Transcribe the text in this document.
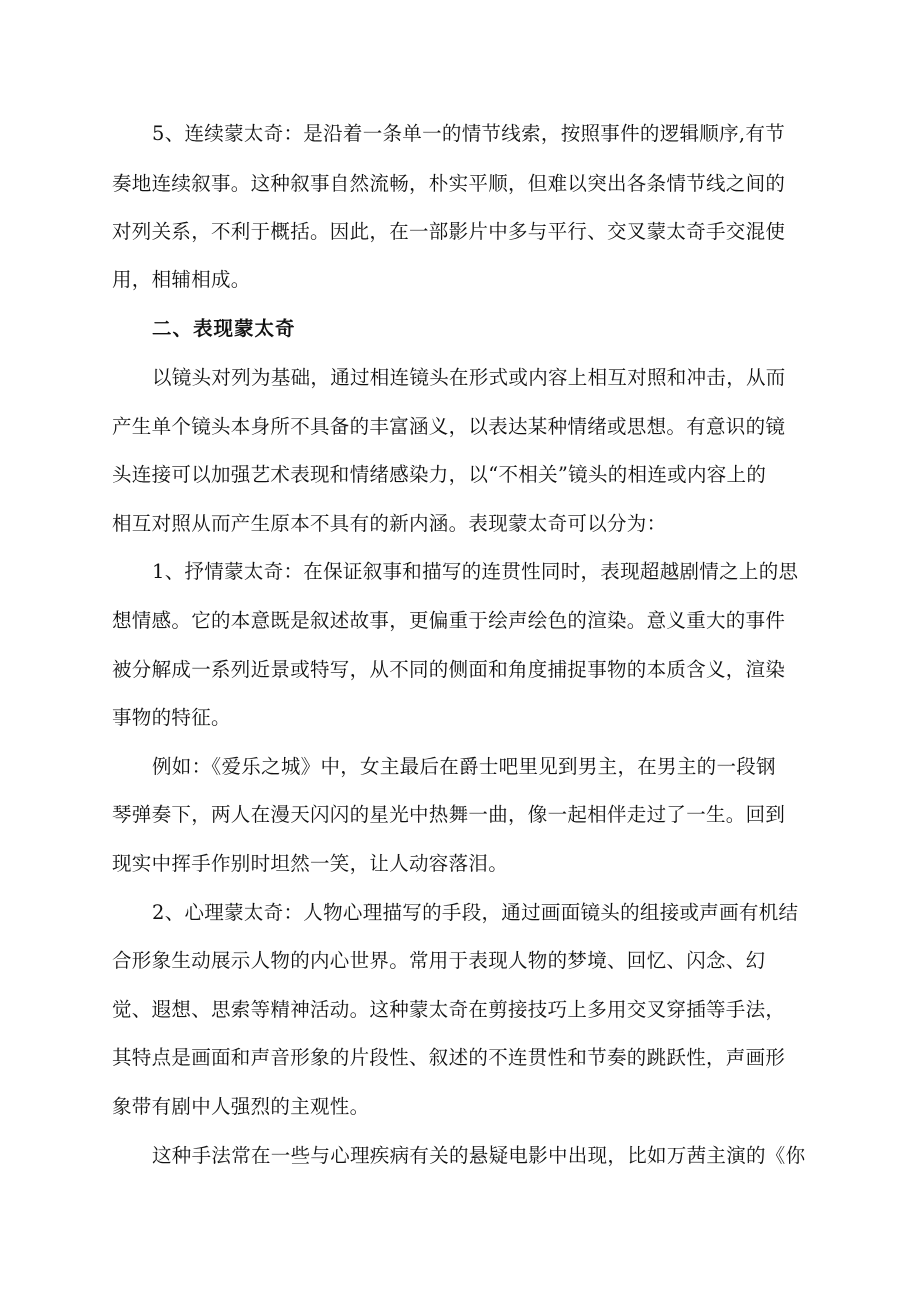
5、连续蒙太奇：是沿着一条单一的情节线索，按照事件的逻辑顺序,有节
奏地连续叙事。这种叙事自然流畅，朴实平顺，但难以突出各条情节线之间的
对列关系，不利于概括。因此，在一部影片中多与平行、交叉蒙太奇手交混使
用，相辅相成。
二、表现蒙太奇
以镜头对列为基础，通过相连镜头在形式或内容上相互对照和冲击，从而
产生单个镜头本身所不具备的丰富涵义，以表达某种情绪或思想。有意识的镜
头连接可以加强艺术表现和情绪感染力，以“不相关”镜头的相连或内容上的
相互对照从而产生原本不具有的新内涵。表现蒙太奇可以分为：
1、抒情蒙太奇：在保证叙事和描写的连贯性同时，表现超越剧情之上的思
想情感。它的本意既是叙述故事，更偏重于绘声绘色的渲染。意义重大的事件
被分解成一系列近景或特写，从不同的侧面和角度捕捉事物的本质含义，渲染
事物的特征。
例如：《爱乐之城》中，女主最后在爵士吧里见到男主，在男主的一段钢
琴弹奏下，两人在漫天闪闪的星光中热舞一曲，像一起相伴走过了一生。回到
现实中挥手作别时坦然一笑，让人动容落泪。
2、心理蒙太奇：人物心理描写的手段，通过画面镜头的组接或声画有机结
合形象生动展示人物的内心世界。常用于表现人物的梦境、回忆、闪念、幻
觉、遐想、思索等精神活动。这种蒙太奇在剪接技巧上多用交叉穿插等手法，
其特点是画面和声音形象的片段性、叙述的不连贯性和节奏的跳跃性，声画形
象带有剧中人强烈的主观性。
这种手法常在一些与心理疾病有关的悬疑电影中出现，比如万茜主演的《你
